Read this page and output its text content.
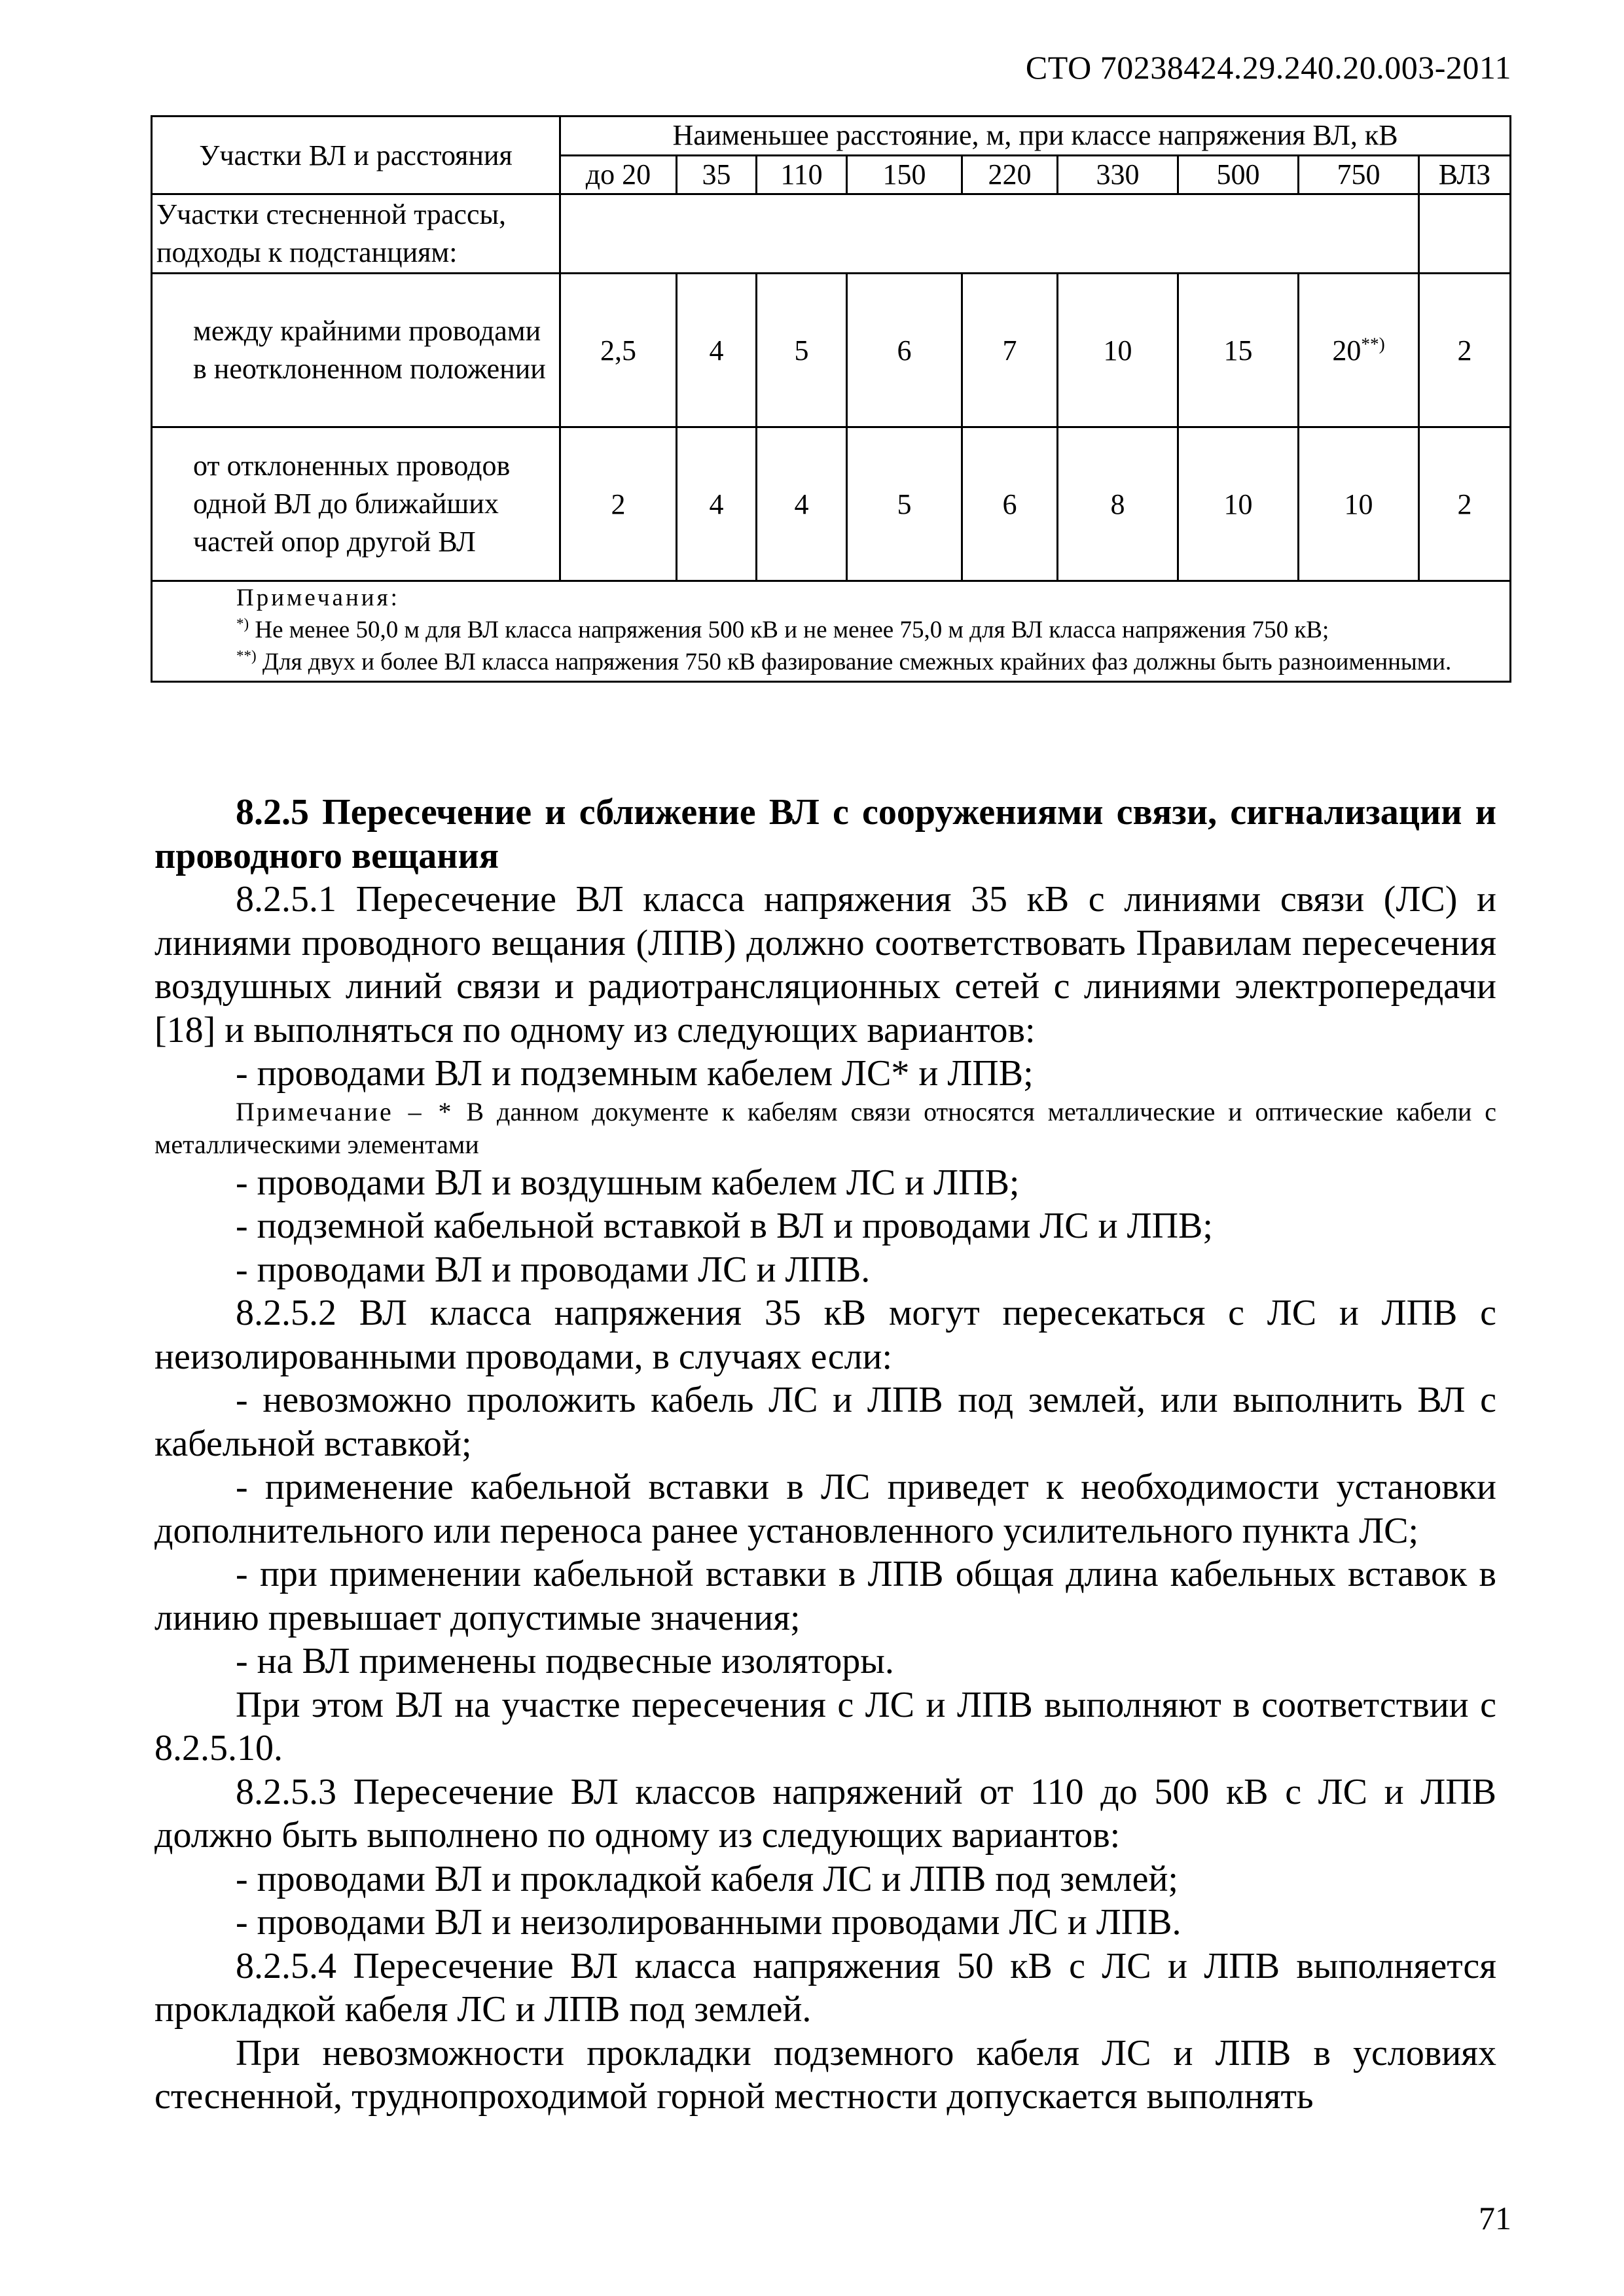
СТО 70238424.29.240.20.003-2011
Участки ВЛ и расстояния	Наименьшее расстояние, м, при классе напряжения ВЛ, кВ								
	до 20	35	110	150	220	330	500	750	ВЛЗ
Участки стесненной трассы, подходы к подстанциям:									
между крайними проводами в неотклоненном положении	2,5	4	5	6	7	10	15	20**)	2
от отклоненных проводов одной ВЛ до ближайших частей опор другой ВЛ	2	4	4	5	6	8	10	10	2

Примечания:
*) Не менее 50,0 м для ВЛ класса напряжения 500 кВ и не менее 75,0 м для ВЛ класса напряжения 750 кВ;
**) Для двух и более ВЛ класса напряжения 750 кВ фазирование смежных крайних фаз должны быть разноименными.									

8.2.5 Пересечение и сближение ВЛ с сооружениями связи, сигнализации и проводного вещания

8.2.5.1 Пересечение ВЛ класса напряжения 35 кВ с линиями связи (ЛС) и линиями проводного вещания (ЛПВ) должно соответствовать Правилам пересечения воздушных линий связи и радиотрансляционных сетей с линиями электропередачи [18] и выполняться по одному из следующих вариантов:

- проводами ВЛ и подземным кабелем ЛС* и ЛПВ;

Примечание – * В данном документе к кабелям связи относятся металлические и оптические кабели с металлическими элементами

- проводами ВЛ и воздушным кабелем ЛС и ЛПВ;

- подземной кабельной вставкой в ВЛ и проводами ЛС и ЛПВ;

- проводами ВЛ и проводами ЛС и ЛПВ.

8.2.5.2 ВЛ класса напряжения 35 кВ могут пересекаться с ЛС и ЛПВ с неизолированными проводами, в случаях если:

- невозможно проложить кабель ЛС и ЛПВ под землей, или выполнить ВЛ с кабельной вставкой;

- применение кабельной вставки в ЛС приведет к необходимости установки дополнительного или переноса ранее установленного усилительного пункта ЛС;

- при применении кабельной вставки в ЛПВ общая длина кабельных вставок в линию превышает допустимые значения;

- на ВЛ применены подвесные изоляторы.

При этом ВЛ на участке пересечения с ЛС и ЛПВ выполняют в соответствии с 8.2.5.10.

8.2.5.3 Пересечение ВЛ классов напряжений от 110 до 500 кВ с ЛС и ЛПВ должно быть выполнено по одному из следующих вариантов:

- проводами ВЛ и прокладкой кабеля ЛС и ЛПВ под землей;

- проводами ВЛ и неизолированными проводами ЛС и ЛПВ.

8.2.5.4 Пересечение ВЛ класса напряжения 50 кВ с ЛС и ЛПВ выполняется прокладкой кабеля ЛС и ЛПВ под землей.

При невозможности прокладки подземного кабеля ЛС и ЛПВ в условиях стесненной, труднопроходимой горной местности допускается выполнять

71
